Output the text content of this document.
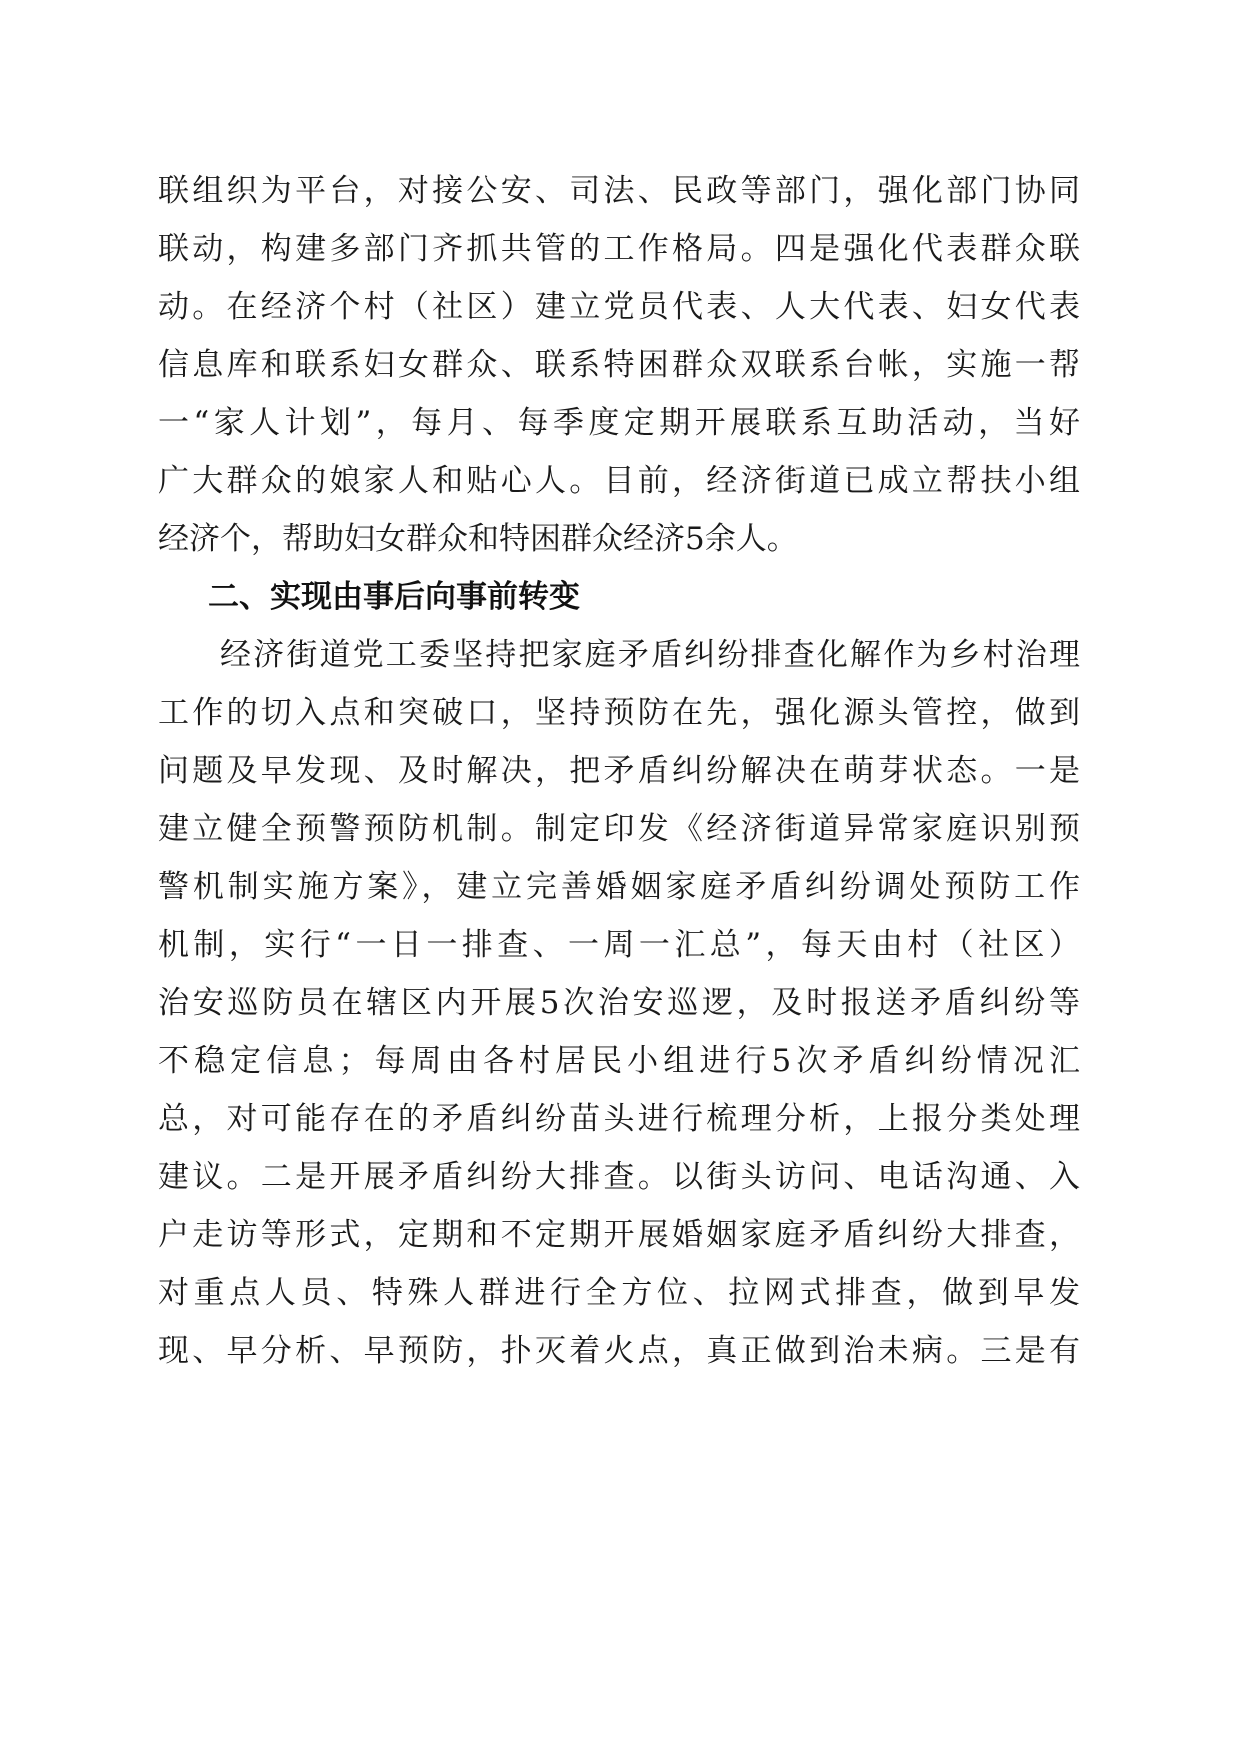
联组织为平台，对接公安、司法、民政等部门，强化部门协同
联动，构建多部门齐抓共管的工作格局。四是强化代表群众联
动。在经济个村（社区）建立党员代表、人大代表、妇女代表
信息库和联系妇女群众、联系特困群众双联系台帐，实施一帮
一“家人计划”，每月、每季度定期开展联系互助活动，当好
广大群众的娘家人和贴心人。目前，经济街道已成立帮扶小组
经济个，帮助妇女群众和特困群众经济5余人。
二、实现由事后向事前转变
经济街道党工委坚持把家庭矛盾纠纷排查化解作为乡村治理
工作的切入点和突破口，坚持预防在先，强化源头管控，做到
问题及早发现、及时解决，把矛盾纠纷解决在萌芽状态。一是
建立健全预警预防机制。制定印发《经济街道异常家庭识别预
警机制实施方案》，建立完善婚姻家庭矛盾纠纷调处预防工作
机制，实行“一日一排查、一周一汇总”，每天由村（社区）
治安巡防员在辖区内开展5次治安巡逻，及时报送矛盾纠纷等
不稳定信息；每周由各村居民小组进行5次矛盾纠纷情况汇
总，对可能存在的矛盾纠纷苗头进行梳理分析，上报分类处理
建议。二是开展矛盾纠纷大排查。以街头访问、电话沟通、入
户走访等形式，定期和不定期开展婚姻家庭矛盾纠纷大排查，
对重点人员、特殊人群进行全方位、拉网式排查，做到早发
现、早分析、早预防，扑灭着火点，真正做到治未病。三是有
